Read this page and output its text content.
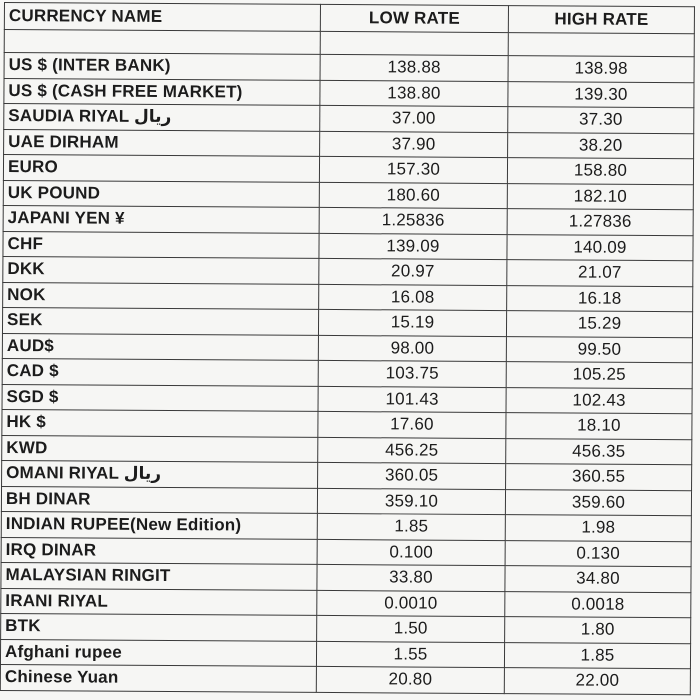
CURRENCY NAME	LOW RATE	HIGH RATE

US $ (INTER BANK)	138.88	138.98
US $ (CASH FREE MARKET)	138.80	139.30
SAUDIA RIYAL ریال	37.00	37.30
UAE DIRHAM	37.90	38.20
EURO	157.30	158.80
UK POUND	180.60	182.10
JAPANI YEN ¥	1.25836	1.27836
CHF	139.09	140.09
DKK	20.97	21.07
NOK	16.08	16.18
SEK	15.19	15.29
AUD$	98.00	99.50
CAD $	103.75	105.25
SGD $	101.43	102.43
HK $	17.60	18.10
KWD	456.25	456.35
OMANI RIYAL ریال	360.05	360.55
BH DINAR	359.10	359.60
INDIAN RUPEE(New Edition)	1.85	1.98
IRQ DINAR	0.100	0.130
MALAYSIAN RINGIT	33.80	34.80
IRANI RIYAL	0.0010	0.0018
BTK	1.50	1.80
Afghani rupee	1.55	1.85
Chinese Yuan	20.80	22.00
